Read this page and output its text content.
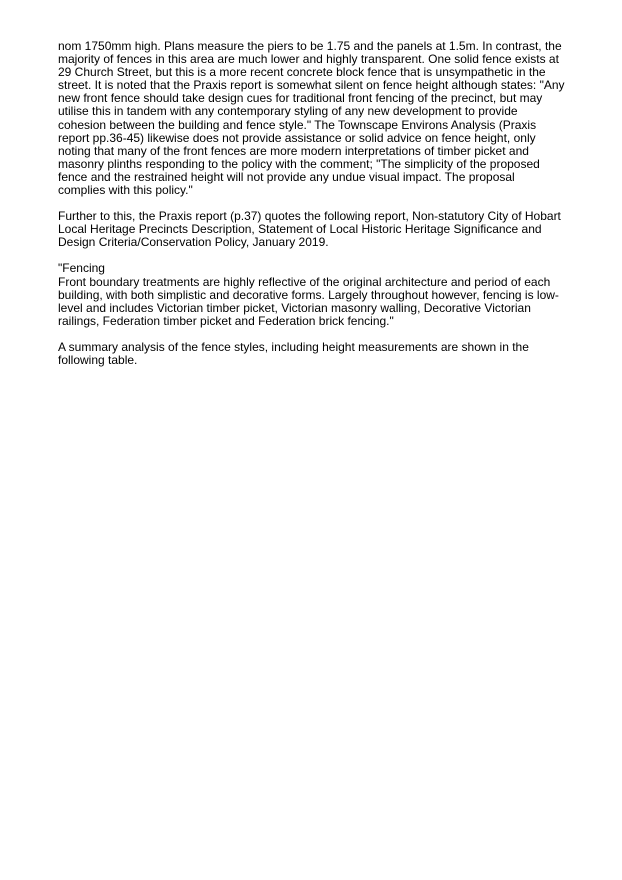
nom 1750mm high. Plans measure the piers to be 1.75 and the panels at 1.5m. In contrast, the
majority of fences in this area are much lower and highly transparent. One solid fence exists at
29 Church Street, but this is a more recent concrete block fence that is unsympathetic in the
street. It is noted that the Praxis report is somewhat silent on fence height although states: "Any
new front fence should take design cues for traditional front fencing of the precinct, but may
utilise this in tandem with any contemporary styling of any new development to provide
cohesion between the building and fence style." The Townscape Environs Analysis (Praxis
report pp.36-45) likewise does not provide assistance or solid advice on fence height, only
noting that many of the front fences are more modern interpretations of timber picket and
masonry plinths responding to the policy with the comment; "The simplicity of the proposed
fence and the restrained height will not provide any undue visual impact. The proposal
complies with this policy."
Further to this, the Praxis report (p.37) quotes the following report, Non-statutory City of Hobart
Local Heritage Precincts Description, Statement of Local Historic Heritage Significance and
Design Criteria/Conservation Policy, January 2019.
"Fencing
Front boundary treatments are highly reflective of the original architecture and period of each
building, with both simplistic and decorative forms. Largely throughout however, fencing is low-
level and includes Victorian timber picket, Victorian masonry walling, Decorative Victorian
railings, Federation timber picket and Federation brick fencing."
A summary analysis of the fence styles, including height measurements are shown in the
following table.
